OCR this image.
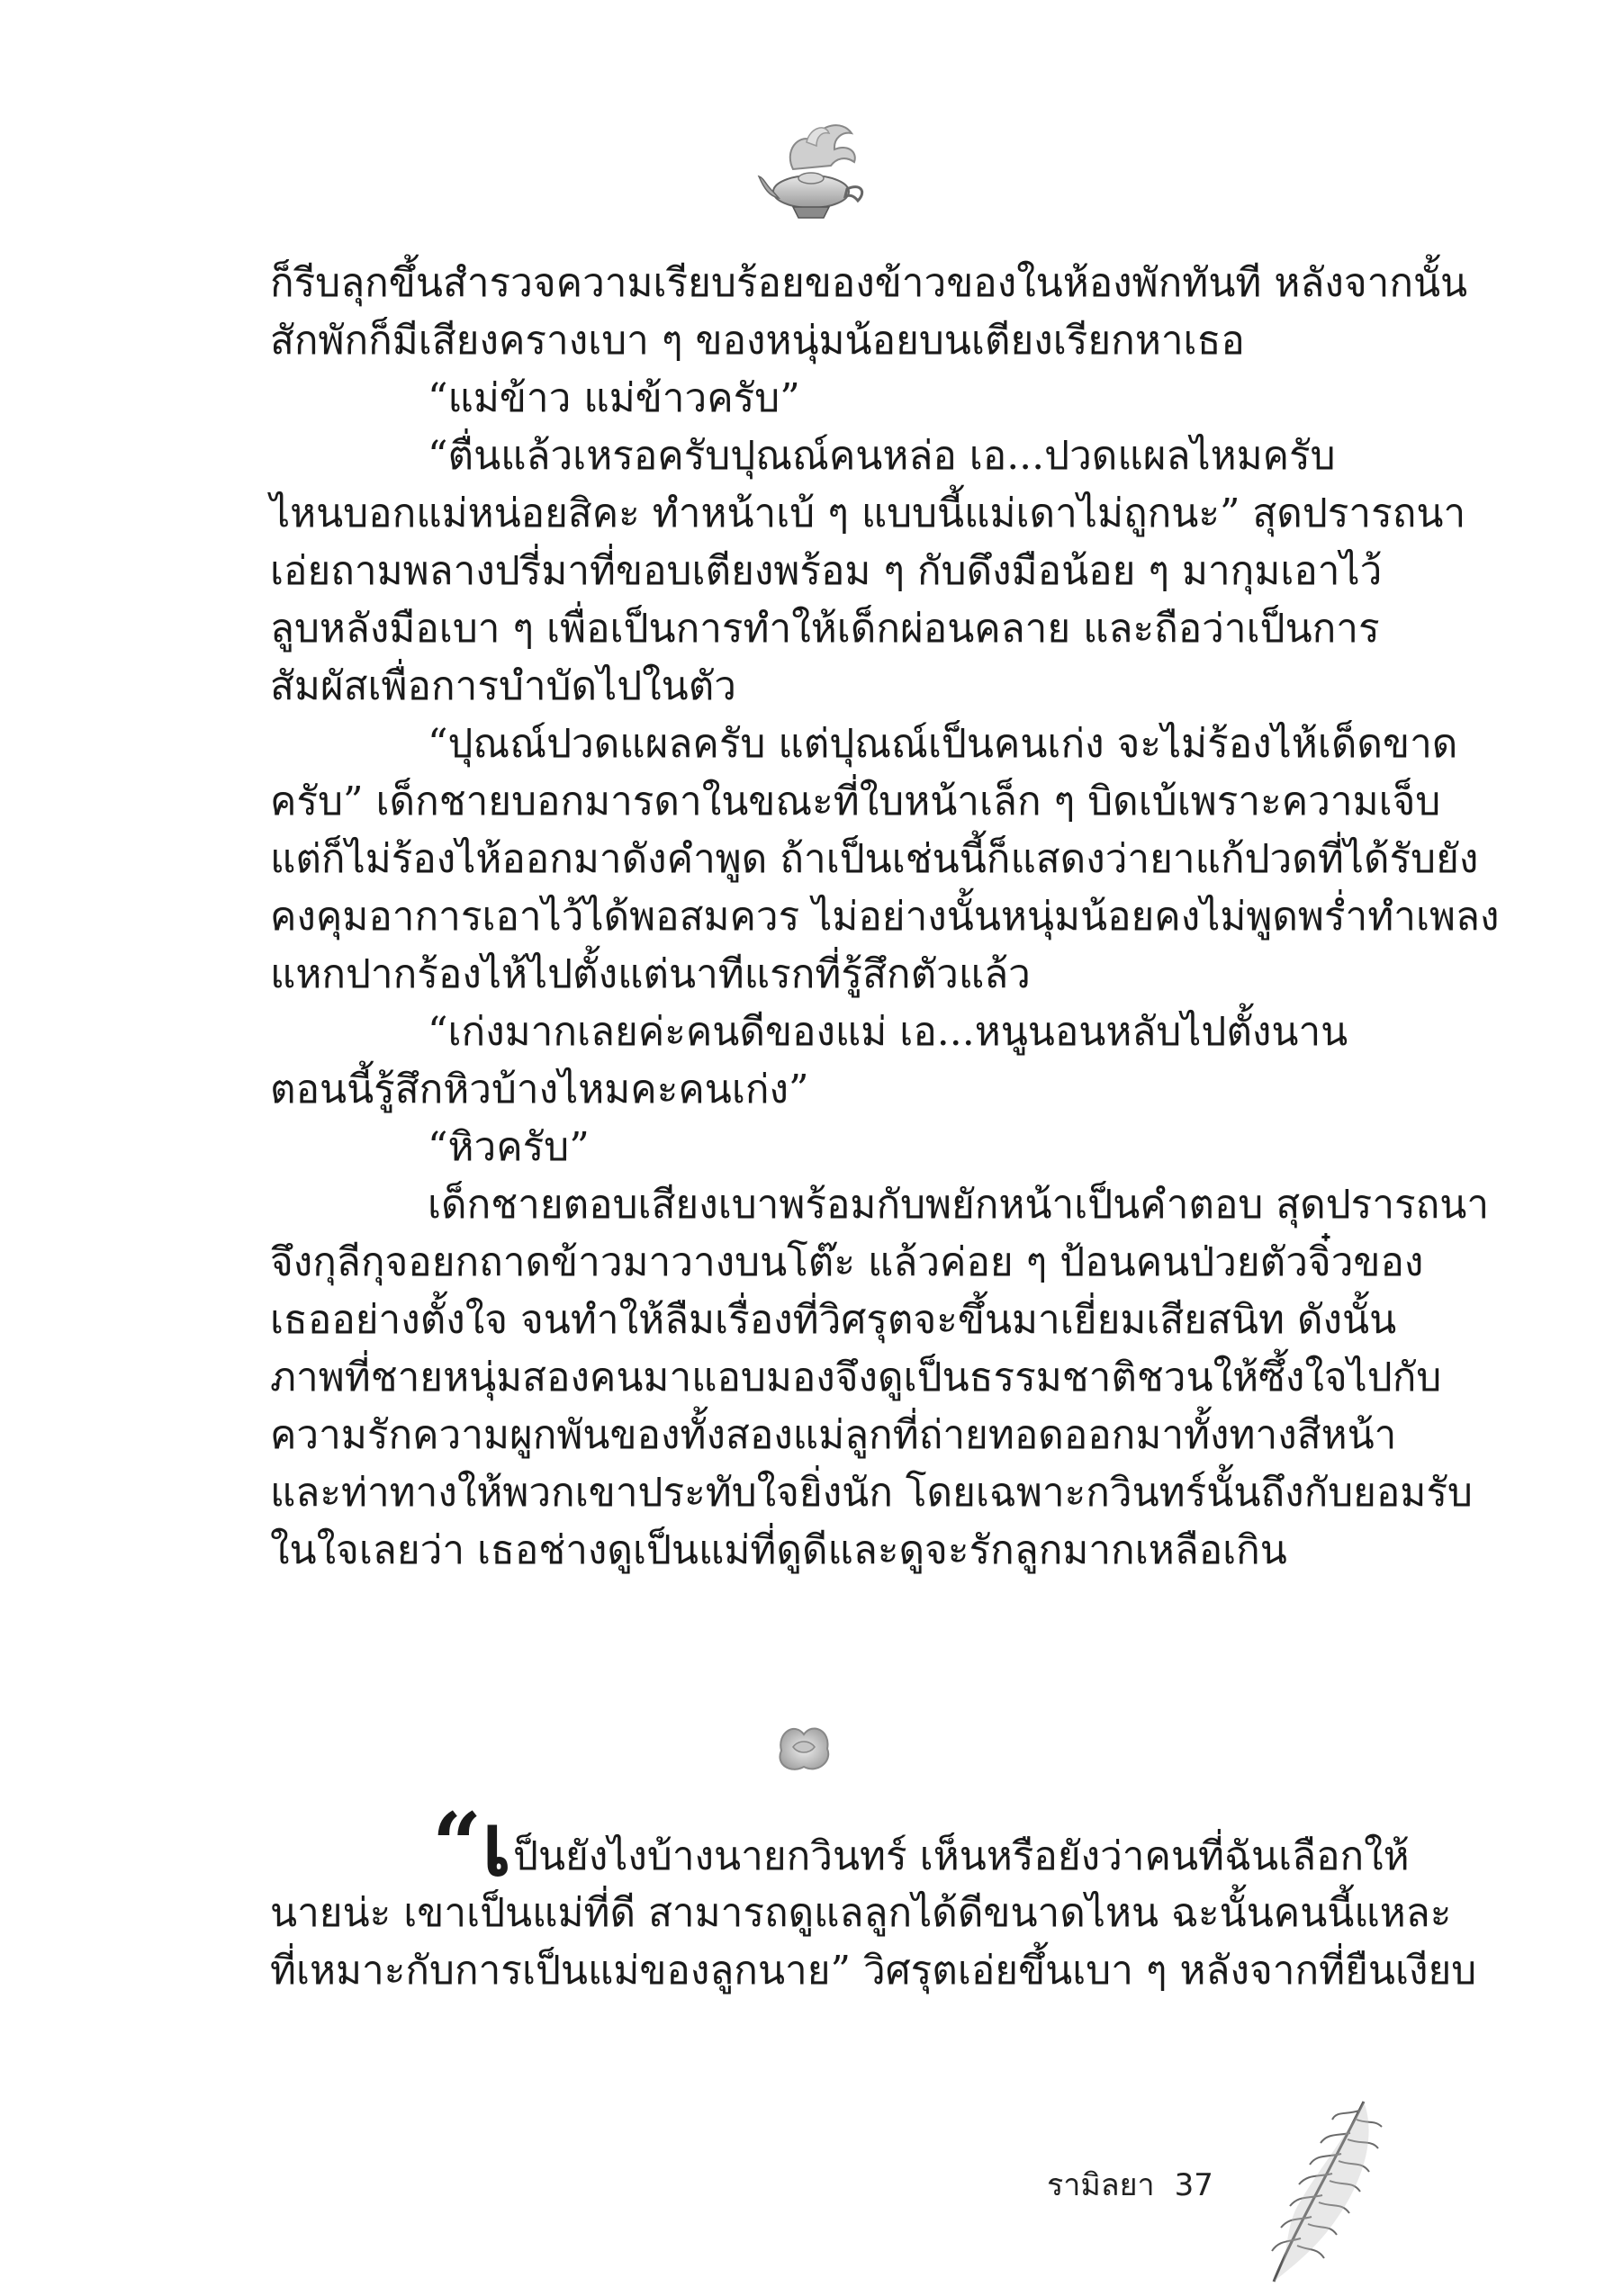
ก็รีบลุกขึ้นสำรวจความเรียบร้อยของข้าวของในห้องพักทันที หลังจากนั้น
สักพักก็มีเสียงครางเบา ๆ ของหนุ่มน้อยบนเตียงเรียกหาเธอ
“แม่ข้าว แม่ข้าวครับ”
“ตื่นแล้วเหรอครับปุณณ์คนหล่อ เอ...ปวดแผลไหมครับ
ไหนบอกแม่หน่อยสิคะ ทำหน้าเบ้ ๆ แบบนี้แม่เดาไม่ถูกนะ” สุดปรารถนา
เอ่ยถามพลางปรี่มาที่ขอบเตียงพร้อม ๆ กับดึงมือน้อย ๆ มากุมเอาไว้
ลูบหลังมือเบา ๆ เพื่อเป็นการทำให้เด็กผ่อนคลาย และถือว่าเป็นการ
สัมผัสเพื่อการบำบัดไปในตัว
“ปุณณ์ปวดแผลครับ แต่ปุณณ์เป็นคนเก่ง จะไม่ร้องไห้เด็ดขาด
ครับ” เด็กชายบอกมารดาในขณะที่ใบหน้าเล็ก ๆ บิดเบ้เพราะความเจ็บ
แต่ก็ไม่ร้องไห้ออกมาดังคำพูด ถ้าเป็นเช่นนี้ก็แสดงว่ายาแก้ปวดที่ได้รับยัง
คงคุมอาการเอาไว้ได้พอสมควร ไม่อย่างนั้นหนุ่มน้อยคงไม่พูดพร่ำทำเพลง
แหกปากร้องไห้ไปตั้งแต่นาทีแรกที่รู้สึกตัวแล้ว
“เก่งมากเลยค่ะคนดีของแม่ เอ...หนูนอนหลับไปตั้งนาน
ตอนนี้รู้สึกหิวบ้างไหมคะคนเก่ง”
“หิวครับ”
เด็กชายตอบเสียงเบาพร้อมกับพยักหน้าเป็นคำตอบ สุดปรารถนา
จึงกุลีกุจอยกถาดข้าวมาวางบนโต๊ะ แล้วค่อย ๆ ป้อนคนป่วยตัวจิ๋วของ
เธออย่างตั้งใจ จนทำให้ลืมเรื่องที่วิศรุตจะขึ้นมาเยี่ยมเสียสนิท ดังนั้น
ภาพที่ชายหนุ่มสองคนมาแอบมองจึงดูเป็นธรรมชาติชวนให้ซึ้งใจไปกับ
ความรักความผูกพันของทั้งสองแม่ลูกที่ถ่ายทอดออกมาทั้งทางสีหน้า
และท่าทางให้พวกเขาประทับใจยิ่งนัก โดยเฉพาะกวินทร์นั้นถึงกับยอมรับ
ในใจเลยว่า เธอช่างดูเป็นแม่ที่ดูดีและดูจะรักลูกมากเหลือเกิน
“เป็นยังไงบ้างนายกวินทร์ เห็นหรือยังว่าคนที่ฉันเลือกให้
นายน่ะ เขาเป็นแม่ที่ดี สามารถดูแลลูกได้ดีขนาดไหน ฉะนั้นคนนี้แหละ
ที่เหมาะกับการเป็นแม่ของลูกนาย” วิศรุตเอ่ยขึ้นเบา ๆ หลังจากที่ยืนเงียบ
รามิลยา 37
